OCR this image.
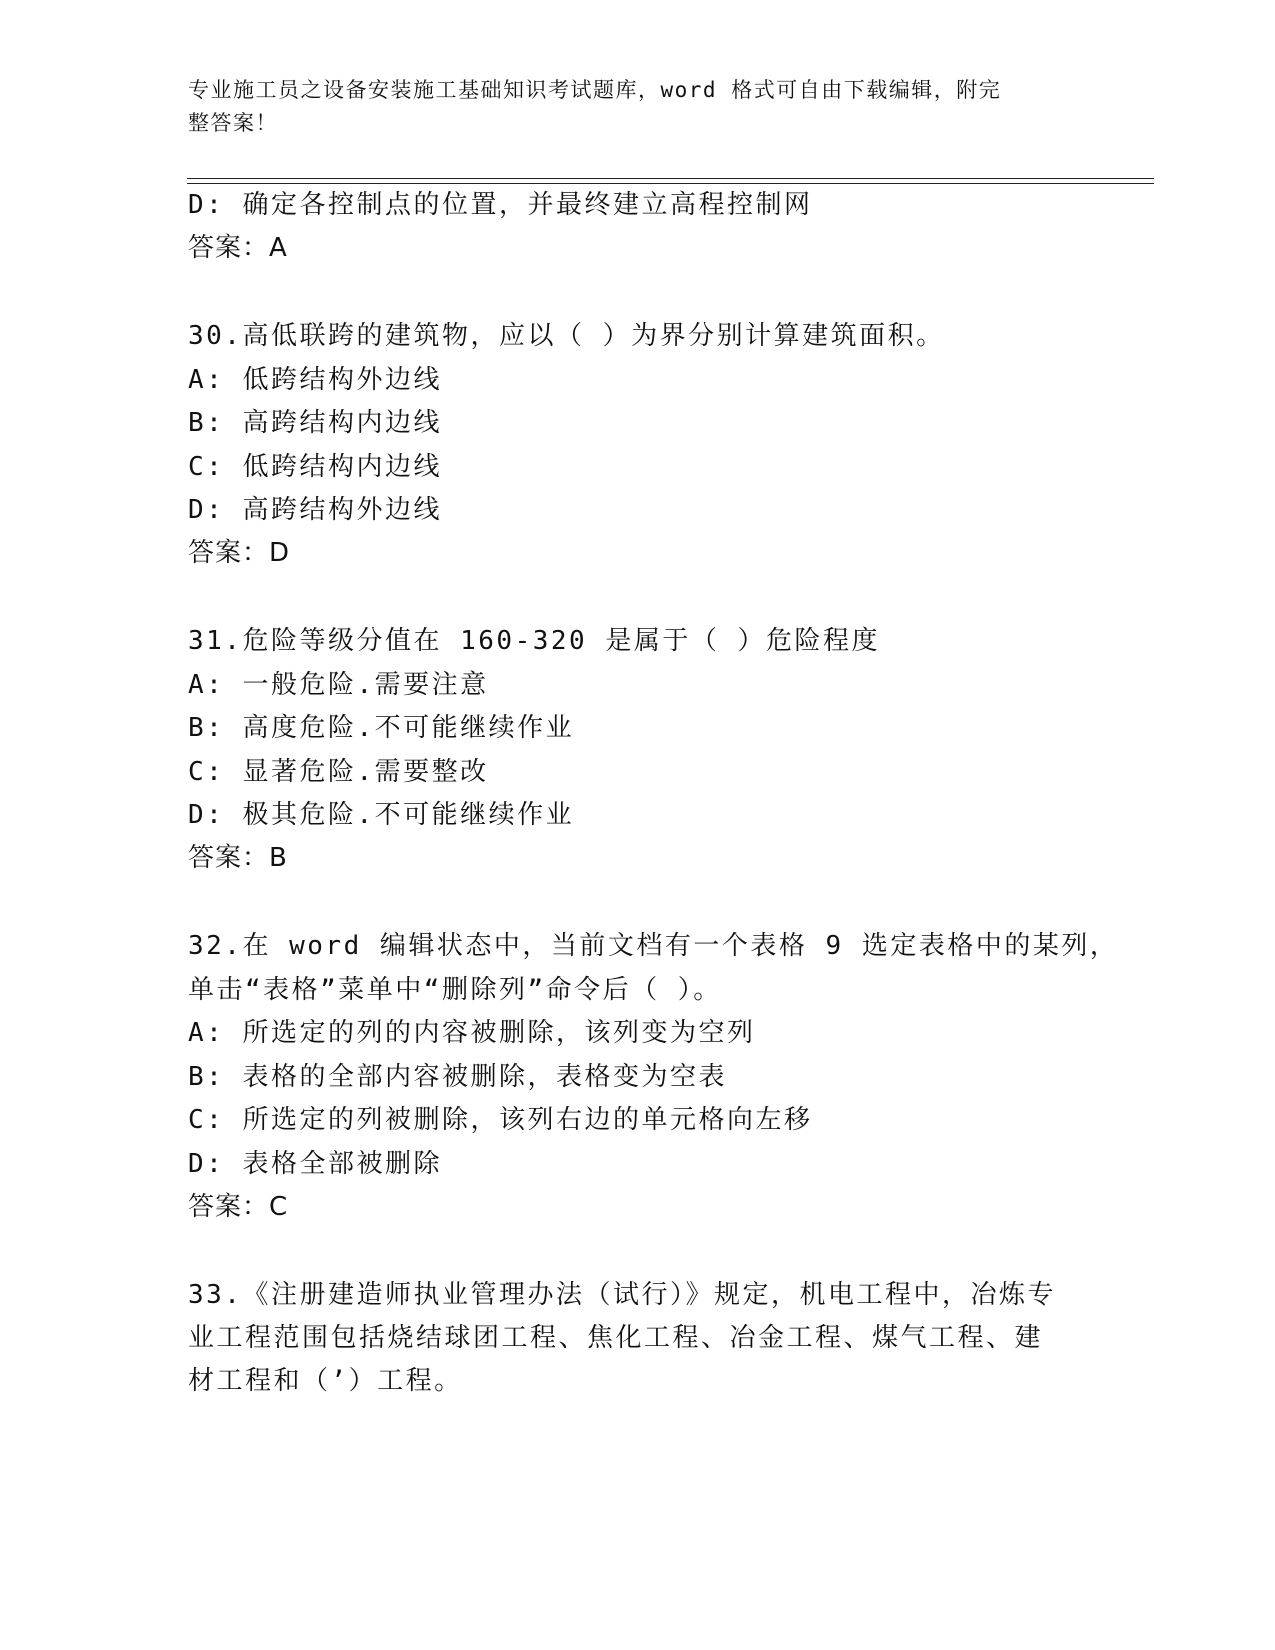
专业施工员之设备安装施工基础知识考试题库，word 格式可自由下载编辑，附完
整答案！
D: 确定各控制点的位置，并最终建立高程控制网
答案：A
30.高低联跨的建筑物，应以（ ）为界分别计算建筑面积。
A: 低跨结构外边线
B: 高跨结构内边线
C: 低跨结构内边线
D: 高跨结构外边线
答案：D
31.危险等级分值在 160-320 是属于（ ）危险程度
A: 一般危险.需要注意
B: 高度危险.不可能继续作业
C: 显著危险.需要整改
D: 极其危险.不可能继续作业
答案：B
32.在 word 编辑状态中，当前文档有一个表格 9 选定表格中的某列，
单击“表格”菜单中“删除列”命令后（ ）。
A: 所选定的列的内容被删除，该列变为空列
B: 表格的全部内容被删除，表格变为空表
C: 所选定的列被删除，该列右边的单元格向左移
D: 表格全部被删除
答案：C
33.《注册建造师执业管理办法（试行）》规定，机电工程中，冶炼专
业工程范围包括烧结球团工程、焦化工程、冶金工程、煤气工程、建
材工程和（’）工程。
